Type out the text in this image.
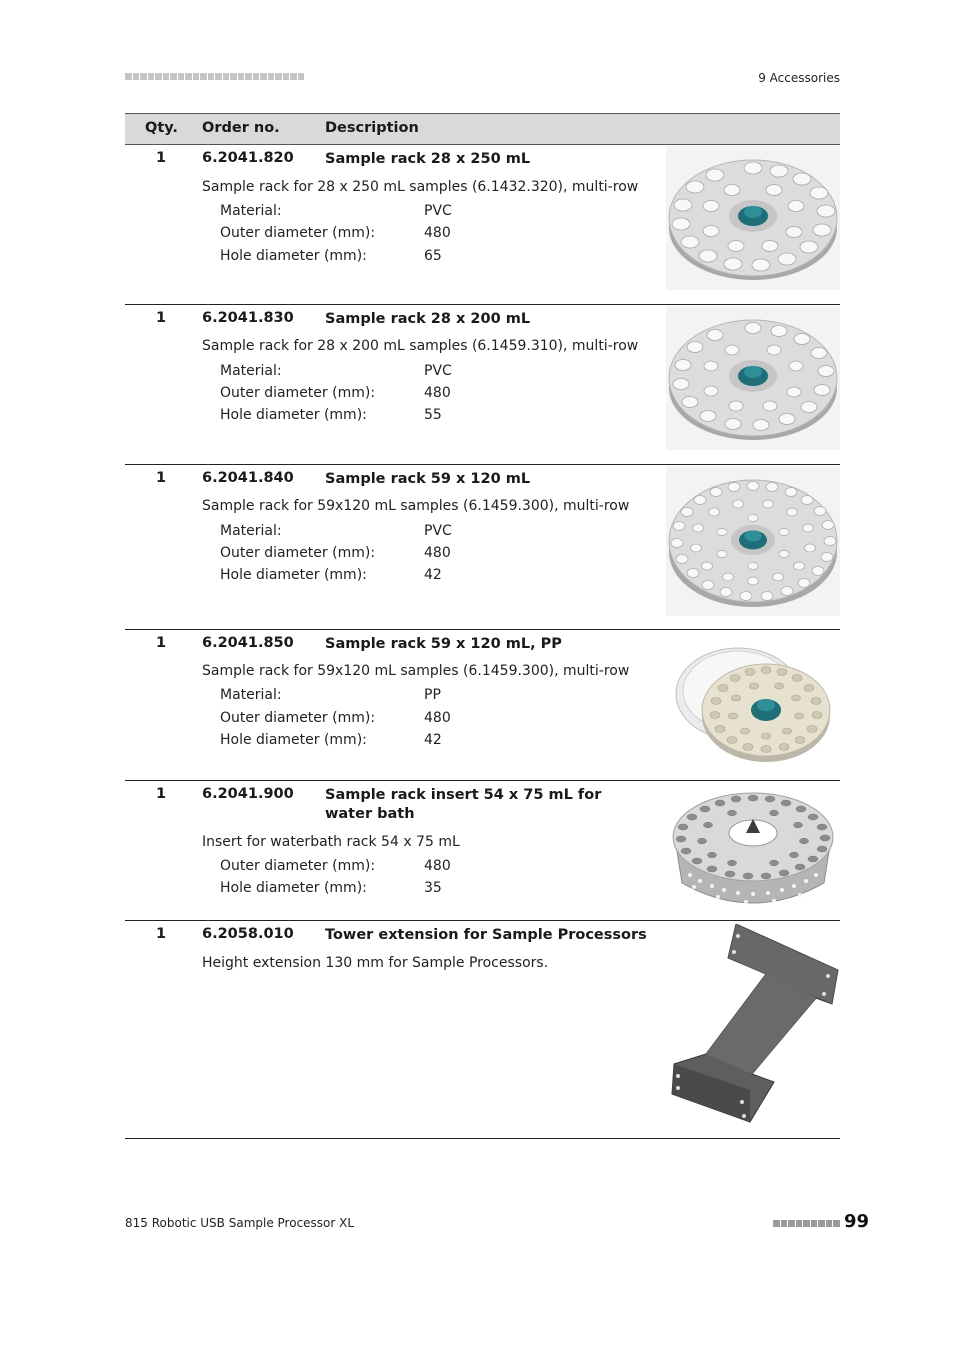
9 Accessories
Qty. Order no.	Description
1 6.2041.820 Sample rack 28 x 250 mL
Sample rack for 28 x 250 mL samples (6.1432.320), multi-row
Material:	PVC
Outer diameter (mm):	480
Hole diameter (mm):	65
1 6.2041.830 Sample rack 28 x 200 mL
Sample rack for 28 x 200 mL samples (6.1459.310), multi-row
Material:	PVC
Outer diameter (mm):	480
Hole diameter (mm):	55
1 6.2041.840 Sample rack 59 x 120 mL
Sample rack for 59x120 mL samples (6.1459.300), multi-row
Material:	PVC
Outer diameter (mm):	480
Hole diameter (mm):	42
1 6.2041.850 Sample rack 59 x 120 mL, PP
Sample rack for 59x120 mL samples (6.1459.300), multi-row
Material:	PP
Outer diameter (mm):	480
Hole diameter (mm):	42
1 6.2041.900 Sample rack insert 54 x 75 mL for water bath
Insert for waterbath rack 54 x 75 mL
Outer diameter (mm):	480
Hole diameter (mm):	35
1 6.2058.010 Tower extension for Sample Processors
Height extension 130 mm for Sample Processors.
815 Robotic USB Sample Processor XL	99
